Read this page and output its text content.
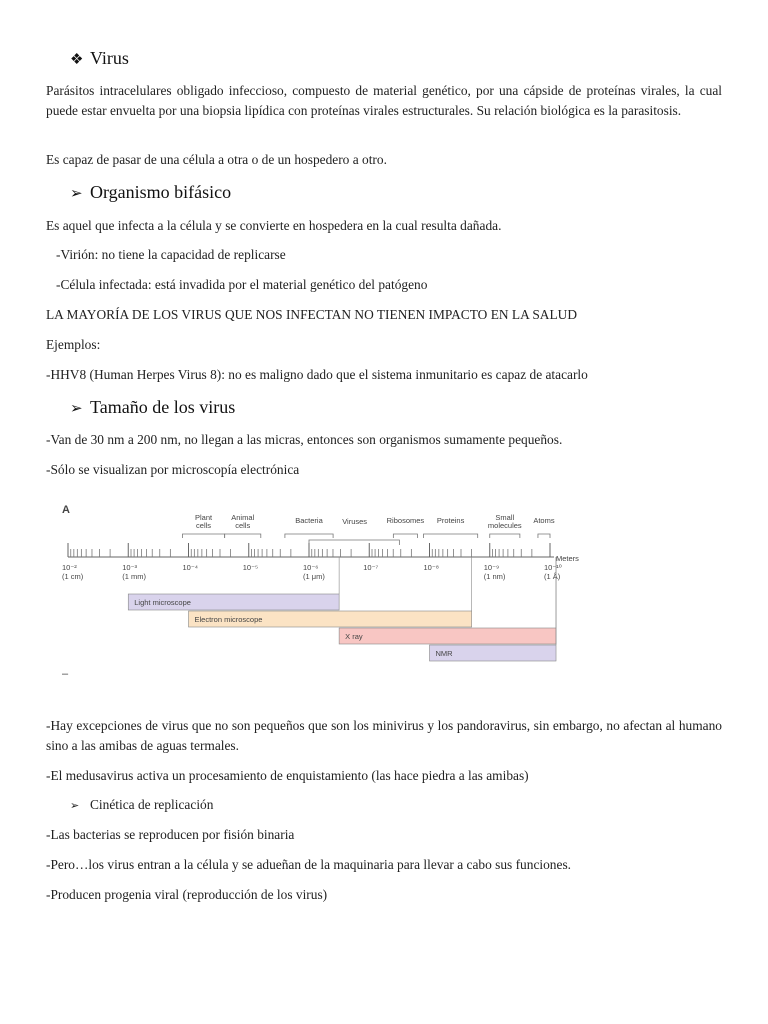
❖ Virus

Parásitos intracelulares obligado infeccioso, compuesto de material genético, por una cápside de proteínas virales, la cual puede estar envuelta por una biopsia lipídica con proteínas virales estructurales. Su relación biológica es la parasitosis.

Es capaz de pasar de una célula a otra o de un hospedero a otro.

➢ Organismo bifásico

Es aquel que infecta a la célula y se convierte en hospedera en la cual resulta dañada.

-Virión: no tiene la capacidad de replicarse

-Célula infectada: está invadida por el material genético del patógeno

LA MAYORÍA DE LOS VIRUS QUE NOS INFECTAN NO TIENEN IMPACTO EN LA SALUD

Ejemplos:

-HHV8 (Human Herpes Virus 8): no es maligno dado que el sistema inmunitario es capaz de atacarlo

➢ Tamaño de los virus

-Van de 30 nm a 200 nm, no llegan a las micras, entonces son organismos sumamente pequeños.

-Sólo se visualizan por microscopía electrónica

-Hay excepciones de virus que no son pequeños que son los minivirus y los pandoravirus, sin embargo, no afectan al humano sino a las amibas de aguas termales.

-El medusavirus activa un procesamiento de enquistamiento (las hace piedra a las amibas)

➢ Cinética de replicación

-Las bacterias se reproducen por fisión binaria

-Pero…los virus entran a la célula y se adueñan de la maquinaria para llevar a cabo sus funciones.

-Producen progenia viral (reproducción de los virus)

A
–
Plant
cells
Animal
cells
Bacteria	Viruses	Ribosomes Proteins	Small
molecules
Atoms
Meters
10⁻²
(1 cm)
10⁻³
(1 mm)
10⁻⁴	10⁻⁵	10⁻⁶
(1 μm)
10⁻⁷	10⁻⁸	10⁻⁹
(1 nm)
10⁻¹⁰
(1 Å)
Light microscope
Electron microscope
X ray
NMR
